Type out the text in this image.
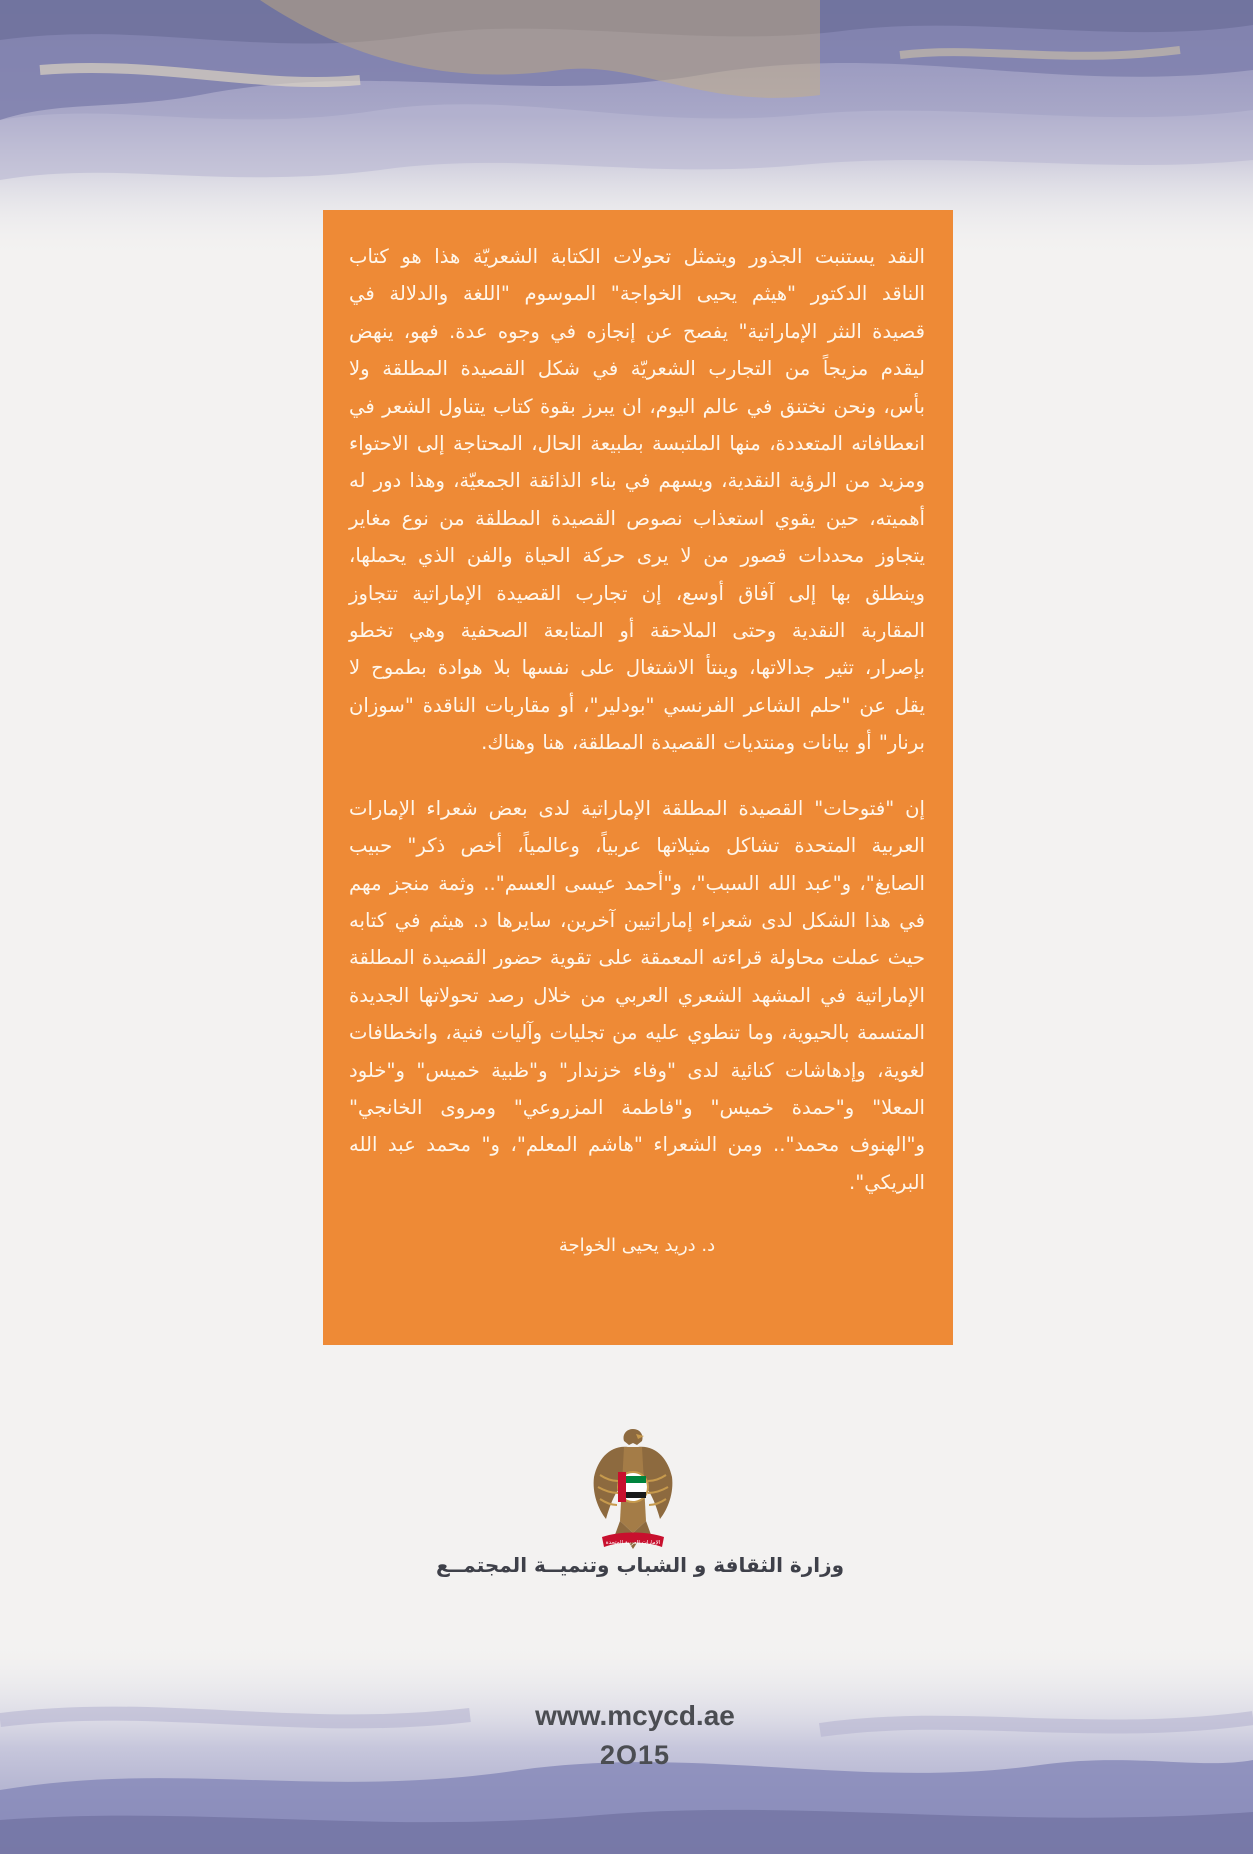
النقد يستنبت الجذور ويتمثل تحولات الكتابة الشعريّة هذا هو كتاب الناقد الدكتور "هيثم يحيى الخواجة" الموسوم "اللغة والدلالة في قصيدة النثر الإماراتية" يفصح عن إنجازه في وجوه عدة. فهو، ينهض ليقدم مزيجاً من التجارب الشعريّة في شكل القصيدة المطلقة ولا بأس، ونحن نختنق في عالم اليوم، ان يبرز بقوة كتاب يتناول الشعر في انعطافاته المتعددة، منها الملتبسة بطبيعة الحال، المحتاجة إلى الاحتواء ومزيد من الرؤية النقدية، ويسهم في بناء الذائقة الجمعيّة، وهذا دور له أهميته، حين يقوي استعذاب نصوص القصيدة المطلقة من نوع مغاير يتجاوز محددات قصور من لا يرى حركة الحياة والفن الذي يحملها، وينطلق بها إلى آفاق أوسع، إن تجارب القصيدة الإماراتية تتجاوز المقاربة النقدية وحتى الملاحقة أو المتابعة الصحفية وهي تخطو بإصرار، تثير جدالاتها، وينتأ الاشتغال على نفسها بلا هوادة بطموح لا يقل عن "حلم الشاعر الفرنسي "بودلير"، أو مقاربات الناقدة "سوزان برنار" أو بيانات ومنتديات القصيدة المطلقة، هنا وهناك.

إن "فتوحات" القصيدة المطلقة الإماراتية لدى بعض شعراء الإمارات العربية المتحدة تشاكل مثيلاتها عربياً، وعالمياً، أخص ذكر" حبيب الصايغ"، و"عبد الله السبب"، و"أحمد عيسى العسم".. وثمة منجز مهم في هذا الشكل لدى شعراء إماراتيين آخرين، سايرها د. هيثم في كتابه حيث عملت محاولة قراءته المعمقة على تقوية حضور القصيدة المطلقة الإماراتية في المشهد الشعري العربي من خلال رصد تحولاتها الجديدة المتسمة بالحيوية، وما تنطوي عليه من تجليات وآليات فنية، وانخطافات لغوية، وإدهاشات كنائية لدى "وفاء خزندار" و"ظبية خميس" و"خلود المعلا" و"حمدة خميس" و"فاطمة المزروعي" ومروى الخانجي" و"الهنوف محمد".. ومن الشعراء "هاشم المعلم"، و" محمد عبد الله البريكي".

د. دريد يحيى الخواجة
الإمارات العربية المتحدة
وزارة الثقافة و الشباب وتنميــة المجتمــع
www.mcycd.ae
2O15
